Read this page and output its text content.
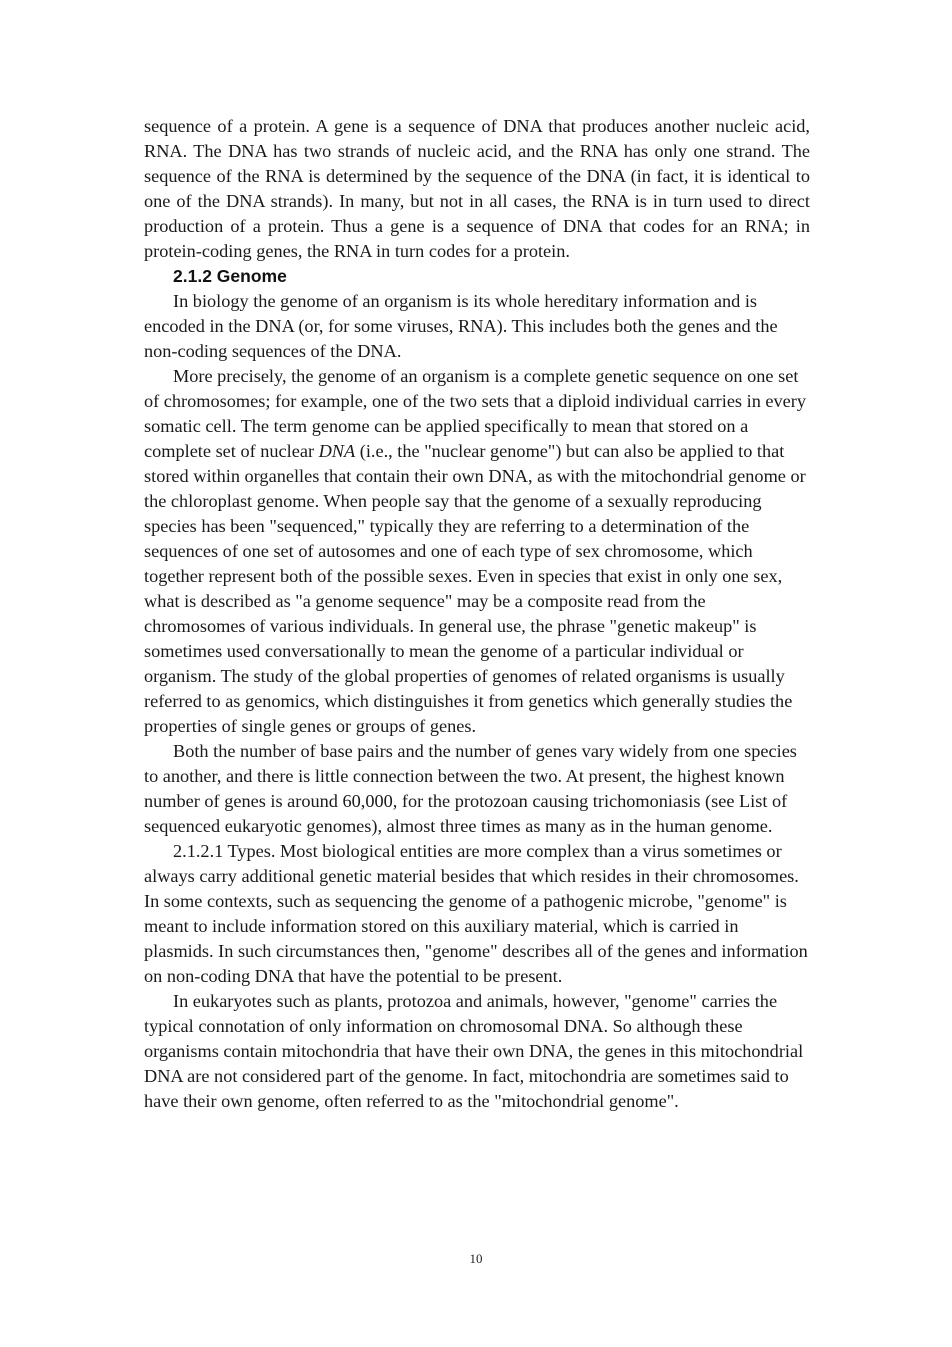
sequence of a protein. A gene is a sequence of DNA that produces another nucleic acid, RNA. The DNA has two strands of nucleic acid, and the RNA has only one strand. The sequence of the RNA is determined by the sequence of the DNA (in fact, it is identical to one of the DNA strands). In many, but not in all cases, the RNA is in turn used to direct production of a protein. Thus a gene is a sequence of DNA that codes for an RNA; in protein-coding genes, the RNA in turn codes for a protein.

2.1.2 Genome

In biology the genome of an organism is its whole hereditary information and is encoded in the DNA (or, for some viruses, RNA). This includes both the genes and the non-coding sequences of the DNA.

More precisely, the genome of an organism is a complete genetic sequence on one set of chromosomes; for example, one of the two sets that a diploid individual carries in every somatic cell. The term genome can be applied specifically to mean that stored on a complete set of nuclear DNA (i.e., the "nuclear genome") but can also be applied to that stored within organelles that contain their own DNA, as with the mitochondrial genome or the chloroplast genome. When people say that the genome of a sexually reproducing species has been "sequenced," typically they are referring to a determination of the sequences of one set of autosomes and one of each type of sex chromosome, which together represent both of the possible sexes. Even in species that exist in only one sex, what is described as "a genome sequence" may be a composite read from the chromosomes of various individuals. In general use, the phrase "genetic makeup" is sometimes used conversationally to mean the genome of a particular individual or organism. The study of the global properties of genomes of related organisms is usually referred to as genomics, which distinguishes it from genetics which generally studies the properties of single genes or groups of genes.

Both the number of base pairs and the number of genes vary widely from one species to another, and there is little connection between the two. At present, the highest known number of genes is around 60,000, for the protozoan causing trichomoniasis (see List of sequenced eukaryotic genomes), almost three times as many as in the human genome.

2.1.2.1 Types. Most biological entities are more complex than a virus sometimes or always carry additional genetic material besides that which resides in their chromosomes. In some contexts, such as sequencing the genome of a pathogenic microbe, "genome" is meant to include information stored on this auxiliary material, which is carried in plasmids. In such circumstances then, "genome" describes all of the genes and information on non-coding DNA that have the potential to be present.

In eukaryotes such as plants, protozoa and animals, however, "genome" carries the typical connotation of only information on chromosomal DNA. So although these organisms contain mitochondria that have their own DNA, the genes in this mitochondrial DNA are not considered part of the genome. In fact, mitochondria are sometimes said to have their own genome, often referred to as the "mitochondrial genome".

10
